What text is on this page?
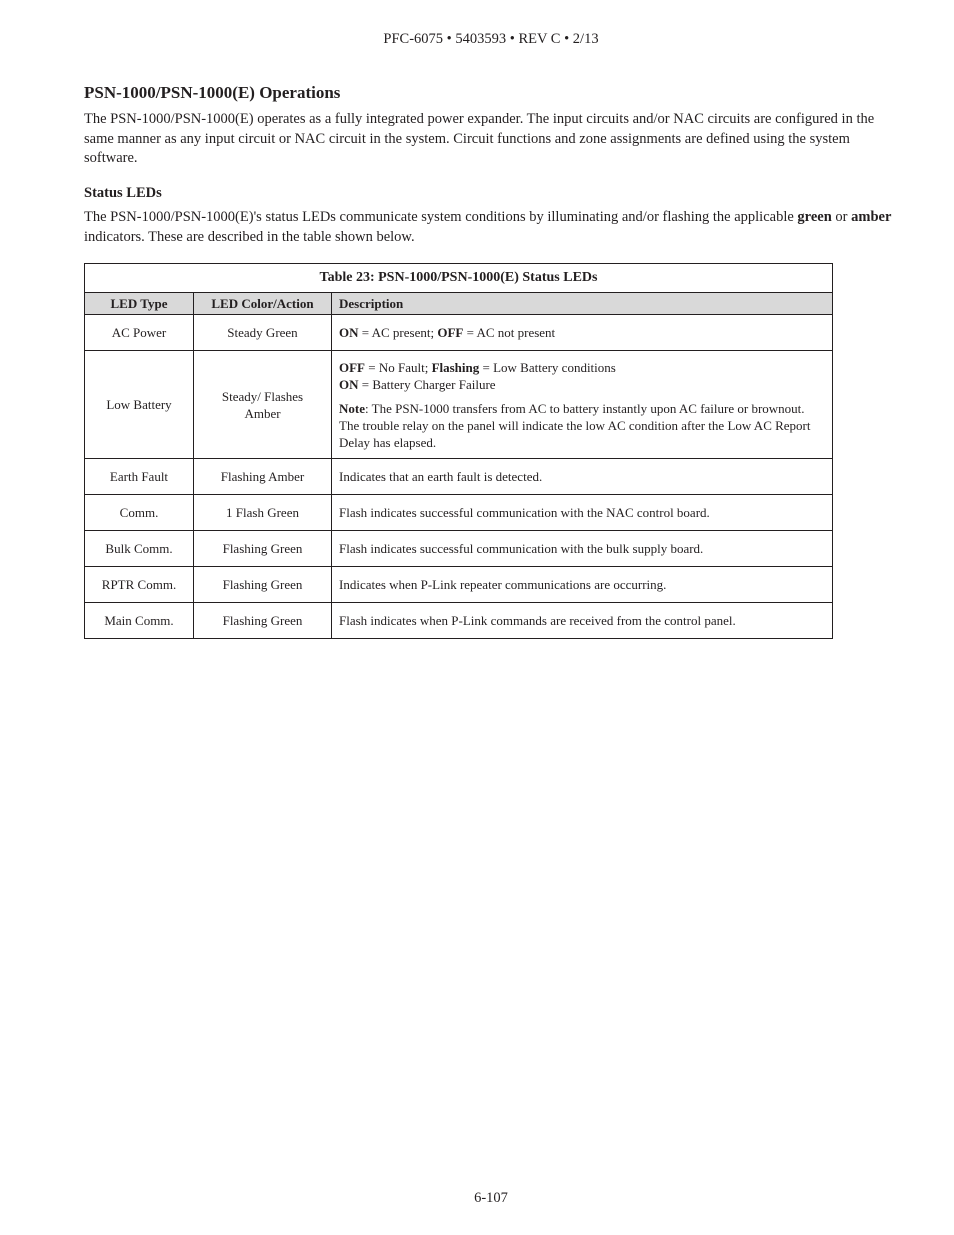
PFC-6075 • 5403593 • REV C • 2/13
PSN-1000/PSN-1000(E) Operations

The PSN-1000/PSN-1000(E) operates as a fully integrated power expander. The input circuits and/or NAC circuits are configured in the same manner as any input circuit or NAC circuit in the system. Circuit functions and zone assignments are defined using the system software.

Status LEDs

The PSN-1000/PSN-1000(E)'s status LEDs communicate system conditions by illuminating and/or flashing the applicable green or amber indicators. These are described in the table shown below.

Table 23: PSN-1000/PSN-1000(E) Status LEDs		
LED Type	LED Color/Action	Description
AC Power	Steady Green	ON = AC present; OFF = AC not present
Low Battery	Steady/ Flashes Amber	OFF = No Fault; Flashing = Low Battery conditions

ON = Battery Charger Failure

Note: The PSN-1000 transfers from AC to battery instantly upon AC failure or brownout. The trouble relay on the panel will indicate the low AC condition after the Low AC Report Delay has elapsed.

Earth Fault	Flashing Amber	Indicates that an earth fault is detected.
Comm.	1 Flash Green	Flash indicates successful communication with the NAC control board.
Bulk Comm.	Flashing Green	Flash indicates successful communication with the bulk supply board.
RPTR Comm.	Flashing Green	Indicates when P-Link repeater communications are occurring.
Main Comm.	Flashing Green	Flash indicates when P-Link commands are received from the control panel.
6-107
